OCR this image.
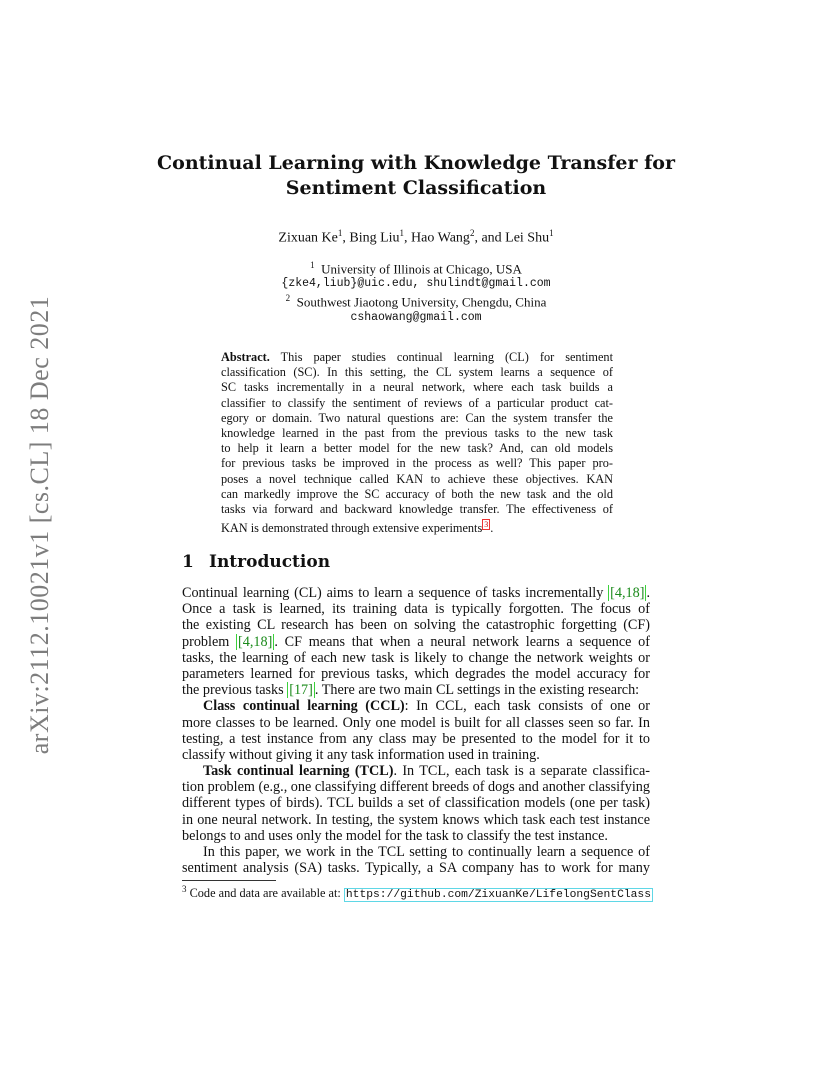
arXiv:2112.10021v1 [cs.CL] 18 Dec 2021
Continual Learning with Knowledge Transfer for
Sentiment Classification
Zixuan Ke$^1$, Bing Liu$^1$, Hao Wang$^2$, and Lei Shu$^1$
$^1$ University of Illinois at Chicago, USA
{zke4,liub}@uic.edu, shulindt@gmail.com
$^2$ Southwest Jiaotong University, Chengdu, China
cshaowang@gmail.com
Abstract. This paper studies continual learning (CL) for sentiment
classification (SC). In this setting, the CL system learns a sequence of
SC tasks incrementally in a neural network, where each task builds a
classifier to classify the sentiment of reviews of a particular product cat-
egory or domain. Two natural questions are: Can the system transfer the
knowledge learned in the past from the previous tasks to the new task
to help it learn a better model for the new task? And, can old models
for previous tasks be improved in the process as well? This paper pro-
poses a novel technique called KAN to achieve these objectives. KAN
can markedly improve the SC accuracy of both the new task and the old
tasks via forward and backward knowledge transfer. The effectiveness of
KAN is demonstrated through extensive experiments $^3$ .
1 Introduction
Continual learning (CL) aims to learn a sequence of tasks incrementally [4,18] .
Once a task is learned, its training data is typically forgotten. The focus of
the existing CL research has been on solving the catastrophic forgetting (CF)
problem [4,18] . CF means that when a neural network learns a sequence of
tasks, the learning of each new task is likely to change the network weights or
parameters learned for previous tasks, which degrades the model accuracy for
the previous tasks [17] . There are two main CL settings in the existing research:
Class continual learning (CCL): In CCL, each task consists of one or
more classes to be learned. Only one model is built for all classes seen so far. In
testing, a test instance from any class may be presented to the model for it to
classify without giving it any task information used in training.
Task continual learning (TCL). In TCL, each task is a separate classifica-
tion problem (e.g., one classifying different breeds of dogs and another classifying
different types of birds). TCL builds a set of classification models (one per task)
in one neural network. In testing, the system knows which task each test instance
belongs to and uses only the model for the task to classify the test instance.
In this paper, we work in the TCL setting to continually learn a sequence of
sentiment analysis (SA) tasks. Typically, a SA company has to work for many
$^3$ Code and data are available at: https://github.com/ZixuanKe/LifelongSentClass
